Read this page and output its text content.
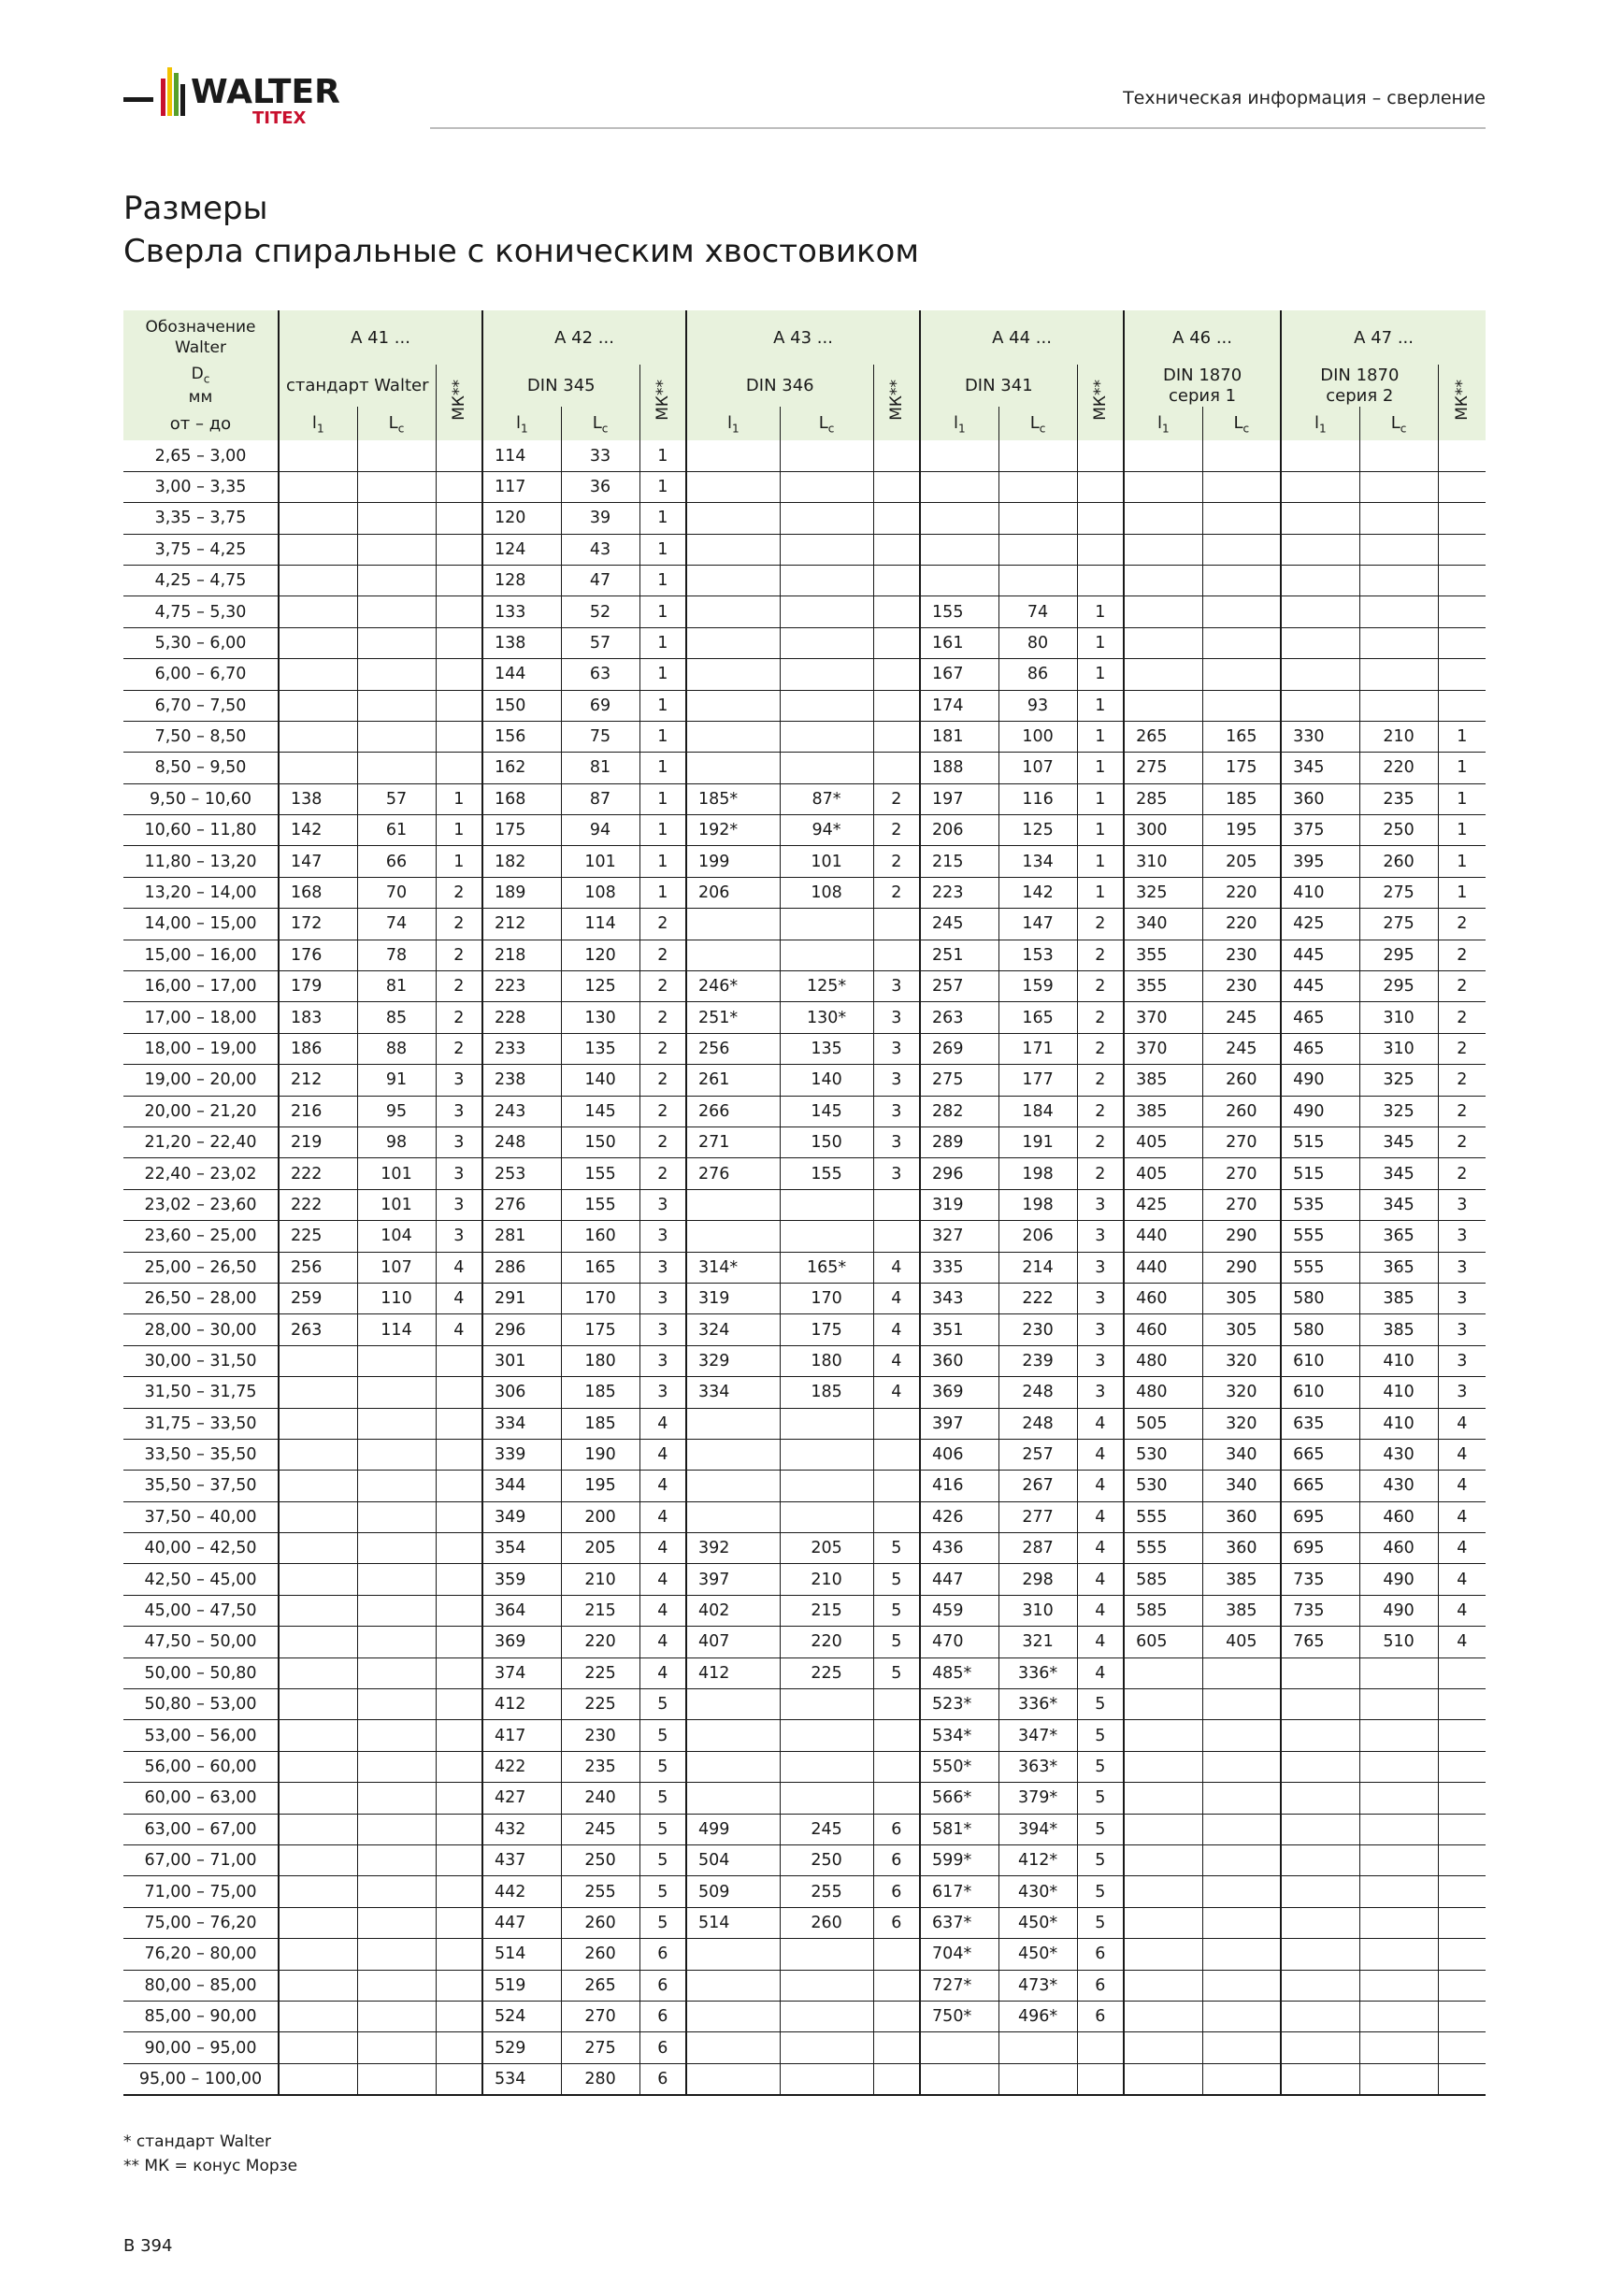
WALTER
TITEX
Техническая информация – сверление
Размеры
Сверла спиральные с коническим хвостовиком
Обозначение Walter	A 41 ...			A 42 ...			A 43 ...			A 44 ...			A 46 ...		A 47 ...		
$D_c$
мм	стандарт Walter		МК**	DIN 345		МК**	DIN 346		МК**	DIN 341		МК**	DIN 1870 серия 1		DIN 1870 серия 2		МК**
от – до	$l_1$	$L_c$		$l_1$	$L_c$		$l_1$	$L_c$		$l_1$	$L_c$		$l_1$	$L_c$	$l_1$	$L_c$
2,65 – 3,00				114	33	1											
3,00 – 3,35				117	36	1											
3,35 – 3,75				120	39	1											
3,75 – 4,25				124	43	1											
4,25 – 4,75				128	47	1											
4,75 – 5,30				133	52	1				155	74	1					
5,30 – 6,00				138	57	1				161	80	1					
6,00 – 6,70				144	63	1				167	86	1					
6,70 – 7,50				150	69	1				174	93	1					
7,50 – 8,50				156	75	1				181	100	1	265	165	330	210	1
8,50 – 9,50				162	81	1				188	107	1	275	175	345	220	1
9,50 – 10,60	138	57	1	168	87	1	185*	87*	2	197	116	1	285	185	360	235	1
10,60 – 11,80	142	61	1	175	94	1	192*	94*	2	206	125	1	300	195	375	250	1
11,80 – 13,20	147	66	1	182	101	1	199	101	2	215	134	1	310	205	395	260	1
13,20 – 14,00	168	70	2	189	108	1	206	108	2	223	142	1	325	220	410	275	1
14,00 – 15,00	172	74	2	212	114	2				245	147	2	340	220	425	275	2
15,00 – 16,00	176	78	2	218	120	2				251	153	2	355	230	445	295	2
16,00 – 17,00	179	81	2	223	125	2	246*	125*	3	257	159	2	355	230	445	295	2
17,00 – 18,00	183	85	2	228	130	2	251*	130*	3	263	165	2	370	245	465	310	2
18,00 – 19,00	186	88	2	233	135	2	256	135	3	269	171	2	370	245	465	310	2
19,00 – 20,00	212	91	3	238	140	2	261	140	3	275	177	2	385	260	490	325	2
20,00 – 21,20	216	95	3	243	145	2	266	145	3	282	184	2	385	260	490	325	2
21,20 – 22,40	219	98	3	248	150	2	271	150	3	289	191	2	405	270	515	345	2
22,40 – 23,02	222	101	3	253	155	2	276	155	3	296	198	2	405	270	515	345	2
23,02 – 23,60	222	101	3	276	155	3				319	198	3	425	270	535	345	3
23,60 – 25,00	225	104	3	281	160	3				327	206	3	440	290	555	365	3
25,00 – 26,50	256	107	4	286	165	3	314*	165*	4	335	214	3	440	290	555	365	3
26,50 – 28,00	259	110	4	291	170	3	319	170	4	343	222	3	460	305	580	385	3
28,00 – 30,00	263	114	4	296	175	3	324	175	4	351	230	3	460	305	580	385	3
30,00 – 31,50				301	180	3	329	180	4	360	239	3	480	320	610	410	3
31,50 – 31,75				306	185	3	334	185	4	369	248	3	480	320	610	410	3
31,75 – 33,50				334	185	4				397	248	4	505	320	635	410	4
33,50 – 35,50				339	190	4				406	257	4	530	340	665	430	4
35,50 – 37,50				344	195	4				416	267	4	530	340	665	430	4
37,50 – 40,00				349	200	4				426	277	4	555	360	695	460	4
40,00 – 42,50				354	205	4	392	205	5	436	287	4	555	360	695	460	4
42,50 – 45,00				359	210	4	397	210	5	447	298	4	585	385	735	490	4
45,00 – 47,50				364	215	4	402	215	5	459	310	4	585	385	735	490	4
47,50 – 50,00				369	220	4	407	220	5	470	321	4	605	405	765	510	4
50,00 – 50,80				374	225	4	412	225	5	485*	336*	4					
50,80 – 53,00				412	225	5				523*	336*	5					
53,00 – 56,00				417	230	5				534*	347*	5					
56,00 – 60,00				422	235	5				550*	363*	5					
60,00 – 63,00				427	240	5				566*	379*	5					
63,00 – 67,00				432	245	5	499	245	6	581*	394*	5					
67,00 – 71,00				437	250	5	504	250	6	599*	412*	5					
71,00 – 75,00				442	255	5	509	255	6	617*	430*	5					
75,00 – 76,20				447	260	5	514	260	6	637*	450*	5					
76,20 – 80,00				514	260	6				704*	450*	6					
80,00 – 85,00				519	265	6				727*	473*	6					
85,00 – 90,00				524	270	6				750*	496*	6					
90,00 – 95,00				529	275	6											
95,00 – 100,00				534	280	6											
* стандарт Walter
** МК = конус Морзе
B 394
